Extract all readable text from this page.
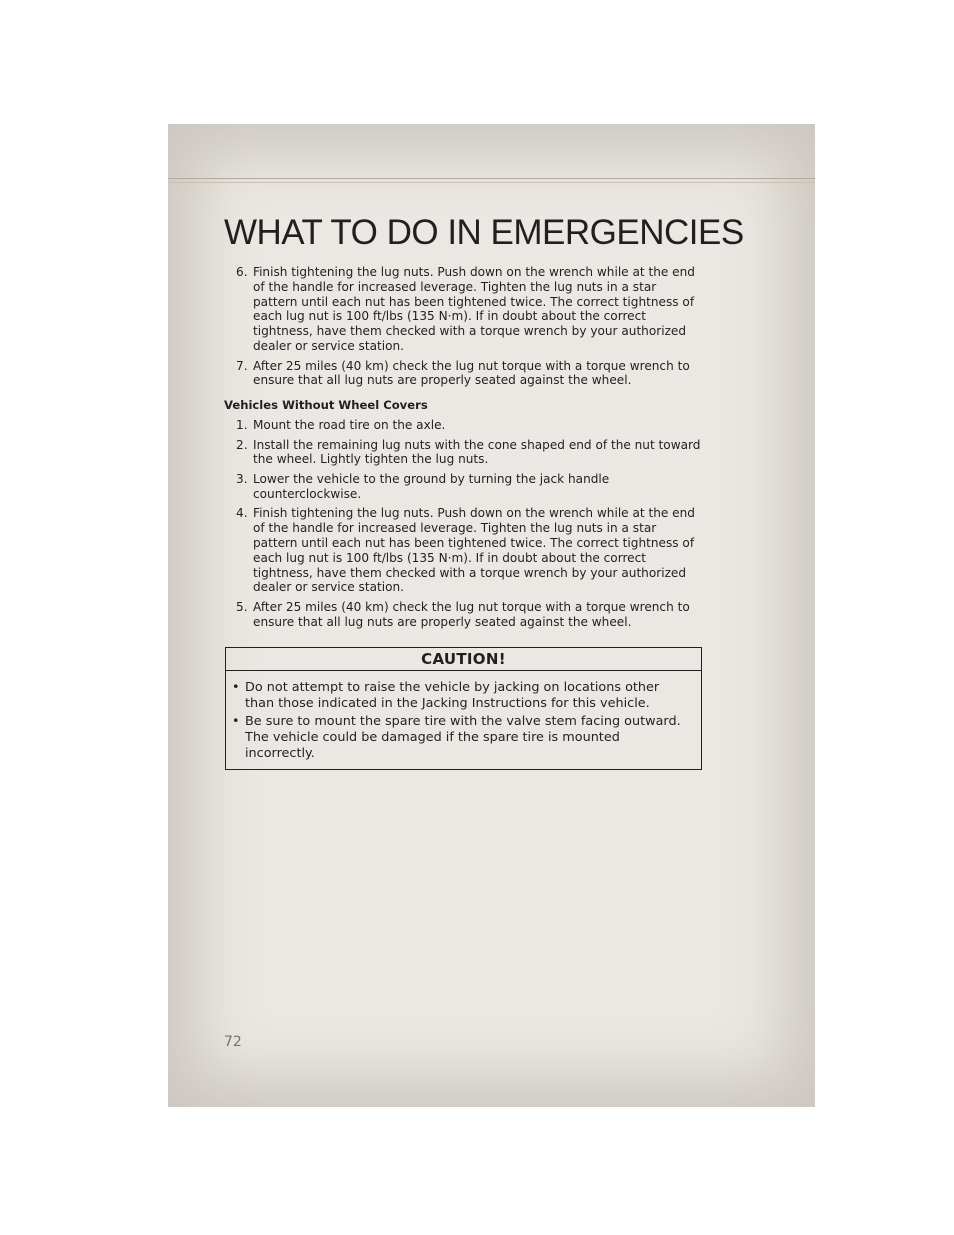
WHAT TO DO IN EMERGENCIES
6. Finish tightening the lug nuts. Push down on the wrench while at the end of the handle for increased leverage. Tighten the lug nuts in a star pattern until each nut has been tightened twice. The correct tightness of each lug nut is 100 ft/lbs (135 N·m). If in doubt about the correct tightness, have them checked with a torque wrench by your authorized dealer or service station.
7. After 25 miles (40 km) check the lug nut torque with a torque wrench to ensure that all lug nuts are properly seated against the wheel.
Vehicles Without Wheel Covers
1. Mount the road tire on the axle.
2. Install the remaining lug nuts with the cone shaped end of the nut toward the wheel. Lightly tighten the lug nuts.
3. Lower the vehicle to the ground by turning the jack handle counterclockwise.
4. Finish tightening the lug nuts. Push down on the wrench while at the end of the handle for increased leverage. Tighten the lug nuts in a star pattern until each nut has been tightened twice. The correct tightness of each lug nut is 100 ft/lbs (135 N·m). If in doubt about the correct tightness, have them checked with a torque wrench by your authorized dealer or service station.
5. After 25 miles (40 km) check the lug nut torque with a torque wrench to ensure that all lug nuts are properly seated against the wheel.
CAUTION!
• Do not attempt to raise the vehicle by jacking on locations other than those indicated in the Jacking Instructions for this vehicle.
• Be sure to mount the spare tire with the valve stem facing outward. The vehicle could be damaged if the spare tire is mounted incorrectly.
72
